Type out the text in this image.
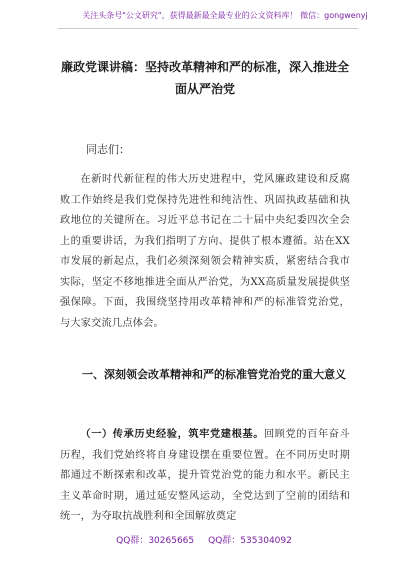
关注头条号"公文研究"，获得最新最全最专业的公文资料库！ 微信：gongwenyj
廉政党课讲稿：坚持改革精神和严的标准，深入推进全面从严治党
同志们：
在新时代新征程的伟大历史进程中，党风廉政建设和反腐败工作始终是我们党保持先进性和纯洁性、巩固执政基础和执政地位的关键所在。习近平总书记在二十届中央纪委四次全会上的重要讲话，为我们指明了方向、提供了根本遵循。站在XX市发展的新起点，我们必须深刻领会精神实质，紧密结合我市实际，坚定不移地推进全面从严治党，为XX高质量发展提供坚强保障。下面，我围绕坚持用改革精神和严的标准管党治党，与大家交流几点体会。
一、深刻领会改革精神和严的标准管党治党的重大意义
（一）传承历史经验，筑牢党建根基。回顾党的百年奋斗历程，我们党始终将自身建设摆在重要位置。在不同历史时期都通过不断探索和改革，提升管党治党的能力和水平。新民主主义革命时期，通过延安整风运动，全党达到了空前的团结和统一，为夺取抗战胜利和全国解放奠定
QQ群：30265665 QQ群：535304092
